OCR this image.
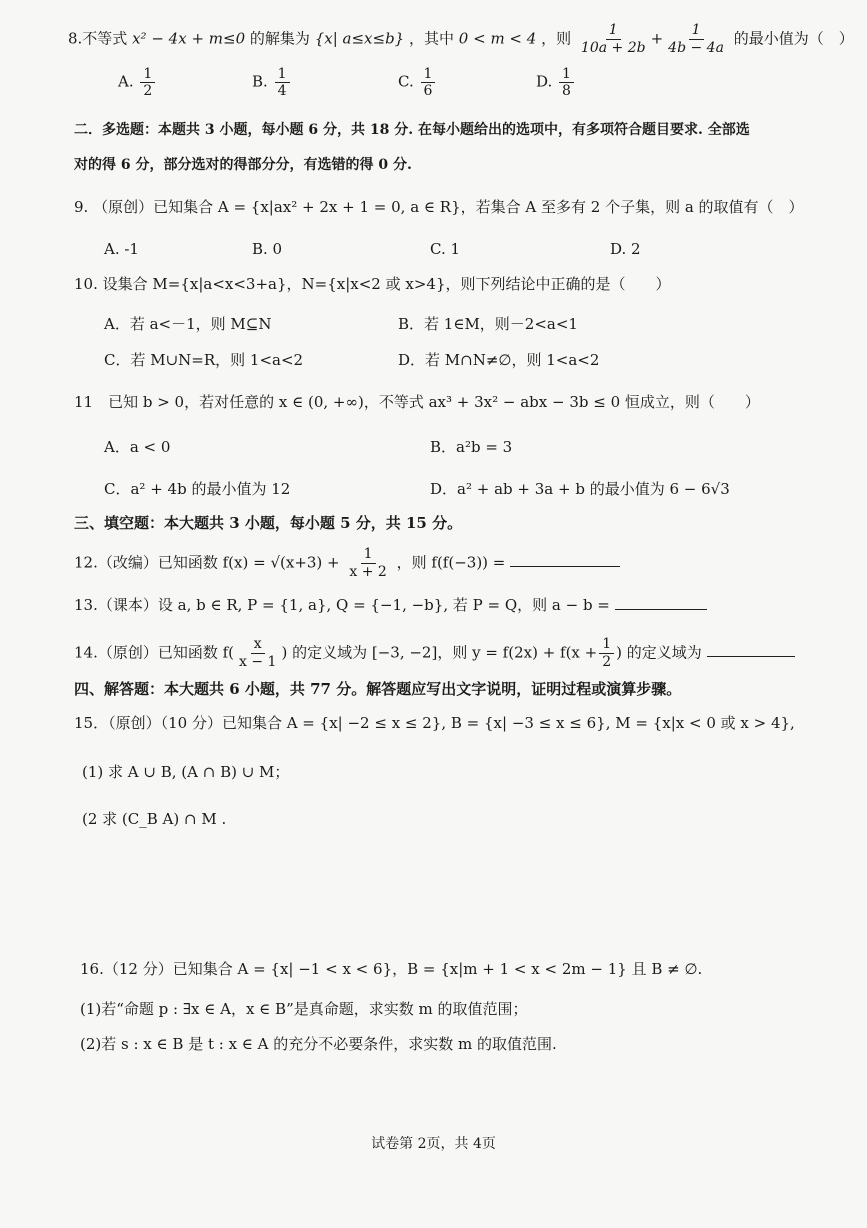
8.不等式 x² − 4x + m≤0 的解集为 {x| a≤x≤b} ，其中 0 < m < 4 ，则 $\frac{1}{10a + 2b} + \frac{1}{4b - 4a}$ 的最小值为（　）
A. $\frac{1}{2}$	B. $\frac{1}{4}$	C. $\frac{1}{6}$	D. $\frac{1}{8}$
二．多选题：本题共 3 小题，每小题 6 分，共 18 分. 在每小题给出的选项中，有多项符合题目要求. 全部选
对的得 6 分，部分选对的得部分分，有选错的得 0 分.
9. （原创）已知集合 A = {x|ax² + 2x + 1 = 0, a ∈ R}，若集合 A 至多有 2 个子集，则 a 的取值有（　）
A. -1	B. 0	C. 1	D. 2
10. 设集合 M={x|a<x<3+a}，N={x|x<2 或 x>4}，则下列结论中正确的是（　　）
A．若 a<－1，则 M⊆N	B．若 1∈M，则－2<a<1
C．若 M∪N=R，则 1<a<2	D．若 M∩N≠∅，则 1<a<2
11　已知 b > 0，若对任意的 x ∈ (0, +∞)，不等式 ax³ + 3x² − abx − 3b ≤ 0 恒成立，则（　　）
A．a < 0	B．a²b = 3
C．a² + 4b 的最小值为 12	D．a² + ab + 3a + b 的最小值为 6 − 6√3
三、填空题：本大题共 3 小题，每小题 5 分，共 15 分。
12.（改编）已知函数 $f(x) = √(x+3) + \frac{1}{x + 2}$ ，则 f(f(−3)) =
13.（课本）设 a, b ∈ R, P = {1, a}, Q = {−1, −b}, 若 P = Q，则 a − b =
14.（原创）已知函数 $f( \frac{x}{x - 1}$ ) 的定义域为 [−3, −2]，则 $y = f(2x) + f(x + \frac{1}{2}$ ) 的定义域为
四、解答题：本大题共 6 小题，共 77 分。解答题应写出文字说明，证明过程或演算步骤。
15．（原创）（10 分）已知集合 A = {x| −2 ≤ x ≤ 2}, B = {x| −3 ≤ x ≤ 6}, M = {x|x < 0 或 x > 4},
(1) 求 A ∪ B, (A ∩ B) ∪ M；
(2 求 (C_B A) ∩ M .
16.（12 分）已知集合 A = {x| −1 < x < 6}，B = {x|m + 1 < x < 2m − 1} 且 B ≠ ∅.
(1)若“命题 p : ∃x ∈ A，x ∈ B”是真命题，求实数 m 的取值范围；
(2)若 s : x ∈ B 是 t : x ∈ A 的充分不必要条件，求实数 m 的取值范围.
试卷第 2页，共 4页
